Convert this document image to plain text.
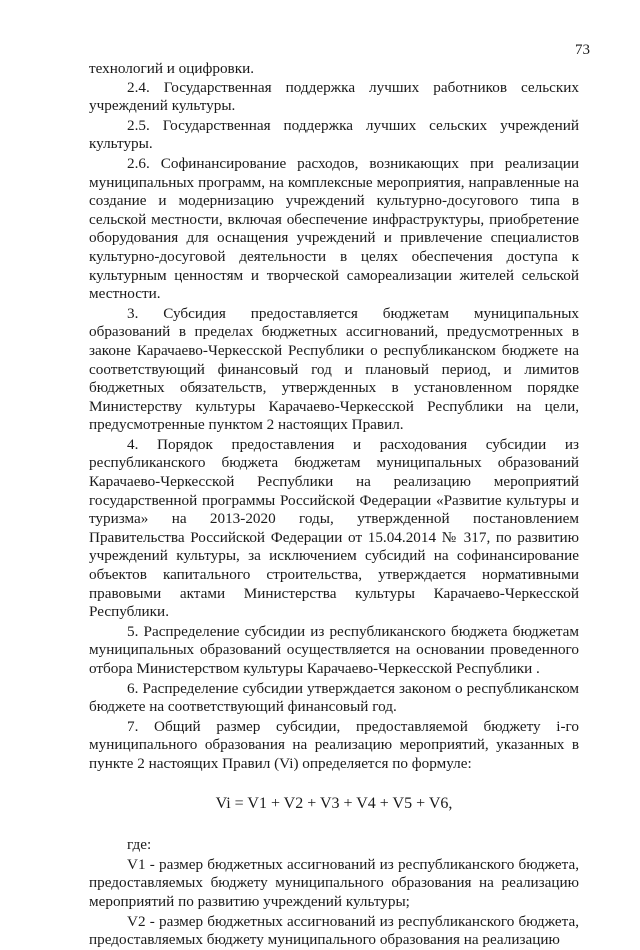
73

технологий и оцифровки.

2.4. Государственная поддержка лучших работников сельских учреждений культуры.

2.5. Государственная поддержка лучших сельских учреждений культуры.

2.6. Софинансирование расходов, возникающих при реализации муниципальных программ, на комплексные мероприятия, направленные на создание и модернизацию учреждений культурно-досугового типа в сельской местности, включая обеспечение инфраструктуры, приобретение оборудования для оснащения учреждений и привлечение специалистов культурно-досуговой деятельности в целях обеспечения доступа к культурным ценностям и творческой самореализации жителей сельской местности.

3. Субсидия предоставляется бюджетам муниципальных образований в пределах бюджетных ассигнований, предусмотренных в законе Карачаево-Черкесской Республики о республиканском бюджете на соответствующий финансовый год и плановый период, и лимитов бюджетных обязательств, утвержденных в установленном порядке Министерству культуры Карачаево-Черкесской Республики на цели, предусмотренные пунктом 2 настоящих Правил.

4. Порядок предоставления и расходования субсидии из республиканского бюджета бюджетам муниципальных образований Карачаево-Черкесской Республики на реализацию мероприятий государственной программы Российской Федерации «Развитие культуры и туризма» на 2013-2020 годы, утвержденной постановлением Правительства Российской Федерации от 15.04.2014 № 317, по развитию учреждений культуры, за исключением субсидий на софинансирование объектов капитального строительства, утверждается нормативными правовыми актами Министерства культуры Карачаево-Черкесской Республики.

5. Распределение субсидии из республиканского бюджета бюджетам муниципальных образований осуществляется на основании проведенного отбора Министерством культуры Карачаево-Черкесской Республики .

6. Распределение субсидии утверждается законом о республиканском бюджете на соответствующий финансовый год.

7. Общий размер субсидии, предоставляемой бюджету i-го муниципального образования на реализацию мероприятий, указанных в пункте 2 настоящих Правил (Vi) определяется по формуле:

Vi = V1 + V2 + V3 + V4 + V5 + V6,

где:

V1 - размер бюджетных ассигнований из республиканского бюджета, предоставляемых бюджету муниципального образования на реализацию мероприятий по развитию учреждений культуры;

V2 - размер бюджетных ассигнований из республиканского бюджета, предоставляемых бюджету муниципального образования на реализацию
